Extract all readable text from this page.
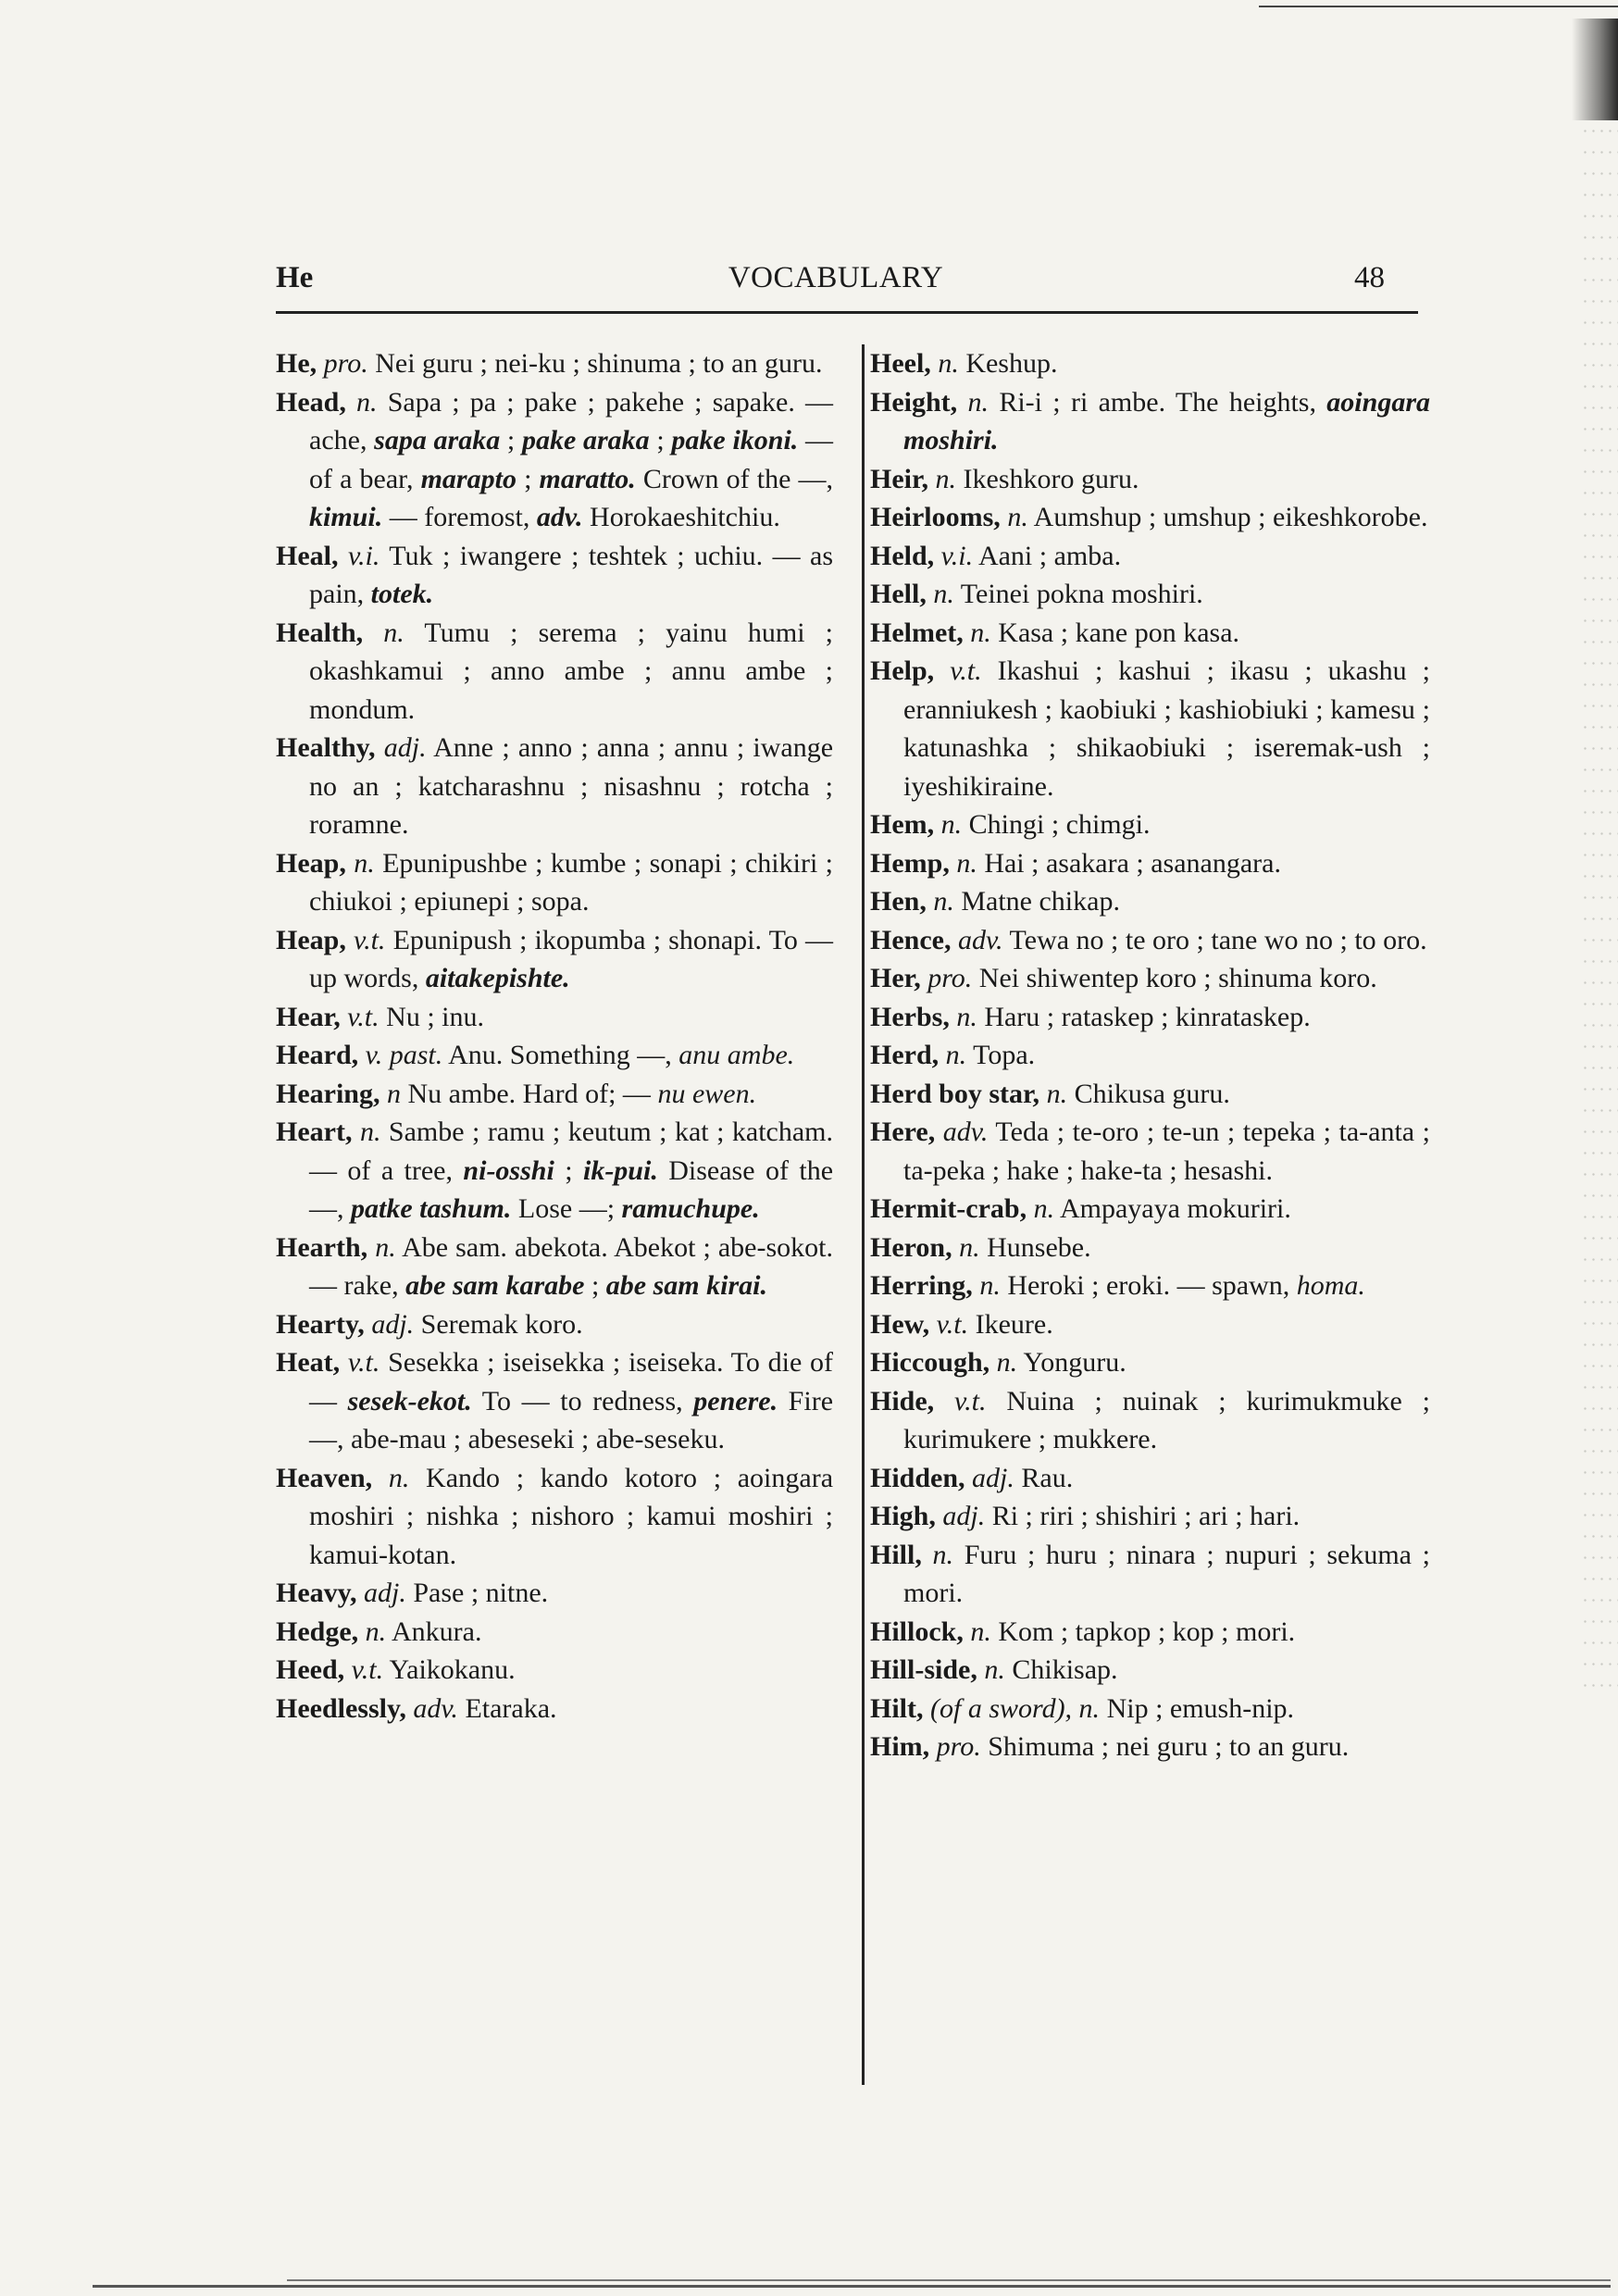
He	VOCABULARY	48

He, pro. Nei guru ; nei-ku ; shinuma ; to an guru.

Head, n. Sapa ; pa ; pake ; pakehe ; sapake. — ache, sapa araka ; pake araka ; pake ikoni. — of a bear, marapto ; maratto. Crown of the —, kimui. — foremost, adv. Horokaeshitchiu.

Heal, v.i. Tuk ; iwangere ; teshtek ; uchiu. — as pain, totek.

Health, n. Tumu ; serema ; yainu humi ; okashkamui ; anno ambe ; annu ambe ; mondum.

Healthy, adj. Anne ; anno ; anna ; annu ; iwange no an ; katcharashnu ; nisashnu ; rotcha ; roramne.

Heap, n. Epunipushbe ; kumbe ; sonapi ; chikiri ; chiukoi ; epiunepi ; sopa.

Heap, v.t. Epunipush ; ikopumba ; shonapi. To — up words, aitakepishte.

Hear, v.t. Nu ; inu.

Heard, v. past. Anu. Something —, anu ambe.

Hearing, n Nu ambe. Hard of; — nu ewen.

Heart, n. Sambe ; ramu ; keutum ; kat ; katcham. — of a tree, ni-osshi ; ik-pui. Disease of the —, patke tashum. Lose —; ramuchupe.

Hearth, n. Abe sam. abekota. Abekot ; abe-sokot. — rake, abe sam karabe ; abe sam kirai.

Hearty, adj. Seremak koro.

Heat, v.t. Sesekka ; iseisekka ; iseiseka. To die of — sesek-ekot. To — to redness, penere. Fire —, abe-mau ; abeseseki ; abe-seseku.

Heaven, n. Kando ; kando kotoro ; aoingara moshiri ; nishka ; nishoro ; kamui moshiri ; kamui-kotan.

Heavy, adj. Pase ; nitne.

Hedge, n. Ankura.

Heed, v.t. Yaikokanu.

Heedlessly, adv. Etaraka.

Heel, n. Keshup.

Height, n. Ri-i ; ri ambe. The heights, aoingara moshiri.

Heir, n. Ikeshkoro guru.

Heirlooms, n. Aumshup ; umshup ; eikeshkorobe.

Held, v.i. Aani ; amba.

Hell, n. Teinei pokna moshiri.

Helmet, n. Kasa ; kane pon kasa.

Help, v.t. Ikashui ; kashui ; ikasu ; ukashu ; eranniukesh ; kaobiuki ; kashiobiuki ; kamesu ; katunashka ; shikaobiuki ; iseremak-ush ; iyeshikiraine.

Hem, n. Chingi ; chimgi.

Hemp, n. Hai ; asakara ; asanangara.

Hen, n. Matne chikap.

Hence, adv. Tewa no ; te oro ; tane wo no ; to oro.

Her, pro. Nei shiwentep koro ; shinuma koro.

Herbs, n. Haru ; rataskep ; kinrataskep.

Herd, n. Topa.

Herd boy star, n. Chikusa guru.

Here, adv. Teda ; te-oro ; te-un ; tepeka ; ta-anta ; ta-peka ; hake ; hake-ta ; hesashi.

Hermit-crab, n. Ampayaya mokuriri.

Heron, n. Hunsebe.

Herring, n. Heroki ; eroki. — spawn, homa.

Hew, v.t. Ikeure.

Hiccough, n. Yonguru.

Hide, v.t. Nuina ; nuinak ; kurimukmuke ; kurimukere ; mukkere.

Hidden, adj. Rau.

High, adj. Ri ; riri ; shishiri ; ari ; hari.

Hill, n. Furu ; huru ; ninara ; nupuri ; sekuma ; mori.

Hillock, n. Kom ; tapkop ; kop ; mori.

Hill-side, n. Chikisap.

Hilt, (of a sword), n. Nip ; emush-nip.

Him, pro. Shimuma ; nei guru ; to an guru.
